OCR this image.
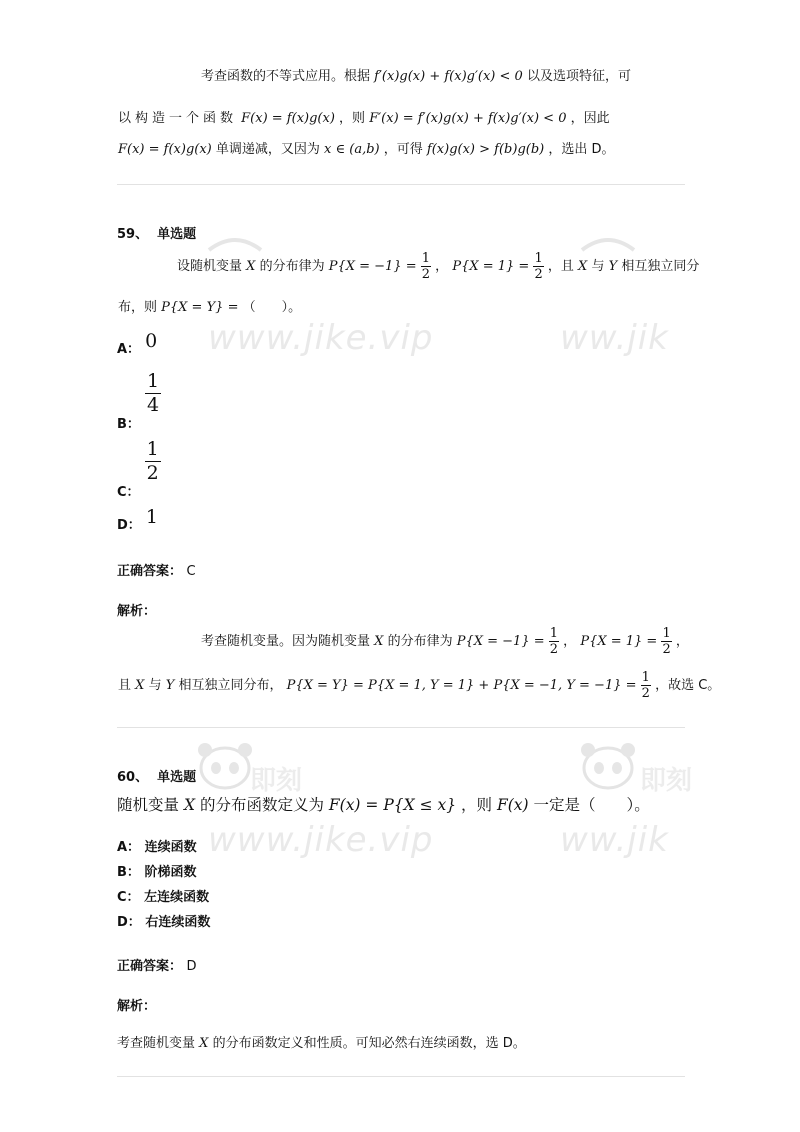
www.jike.vip	ww.jik
www.jike.vip	ww.jik
即刻	即刻
考查函数的不等式应用。根据 f′(x)g(x) + f(x)g′(x) < 0 以及选项特征，可
以构造一个函数 F(x) = f(x)g(x) ，则 F′(x) = f′(x)g(x) + f(x)g′(x) < 0 ，因此
F(x) = f(x)g(x) 单调递减，又因为 x ∈ (a,b) ，可得 f(x)g(x) > f(b)g(b) ，选出 D。
59、 单选题
设随机变量 X 的分布律为 $P\{X = -1\} = \frac{1}{2}$ ， $P\{X = 1\} = \frac{1}{2}$ ，且 X 与 Y 相互独立同分
布，则 P{X = Y} = （　　）。
A： 0
$_{B:}$
$\frac{1}{4}$
$_{C:}$
$\frac{1}{2}$
D： 1
正确答案： C
解析：
考查随机变量。因为随机变量 X 的分布律为 $P\{X = -1\} = \frac{1}{2}$ ， $P\{X = 1\} = \frac{1}{2}$ ，
且 X 与 Y 相互独立同分布， P{X = Y} = P{X = 1, Y = 1} + P{X = −1, $Y = -1\} = \frac{1}{2}$ ，故选 C。
60、 单选题
随机变量 X 的分布函数定义为 F(x) = P{X ≤ x} ，则 F(x) 一定是（　　）。
A： 连续函数
B： 阶梯函数
C： 左连续函数
D： 右连续函数
正确答案： D
解析：
考查随机变量 X 的分布函数定义和性质。可知必然右连续函数，选 D。
